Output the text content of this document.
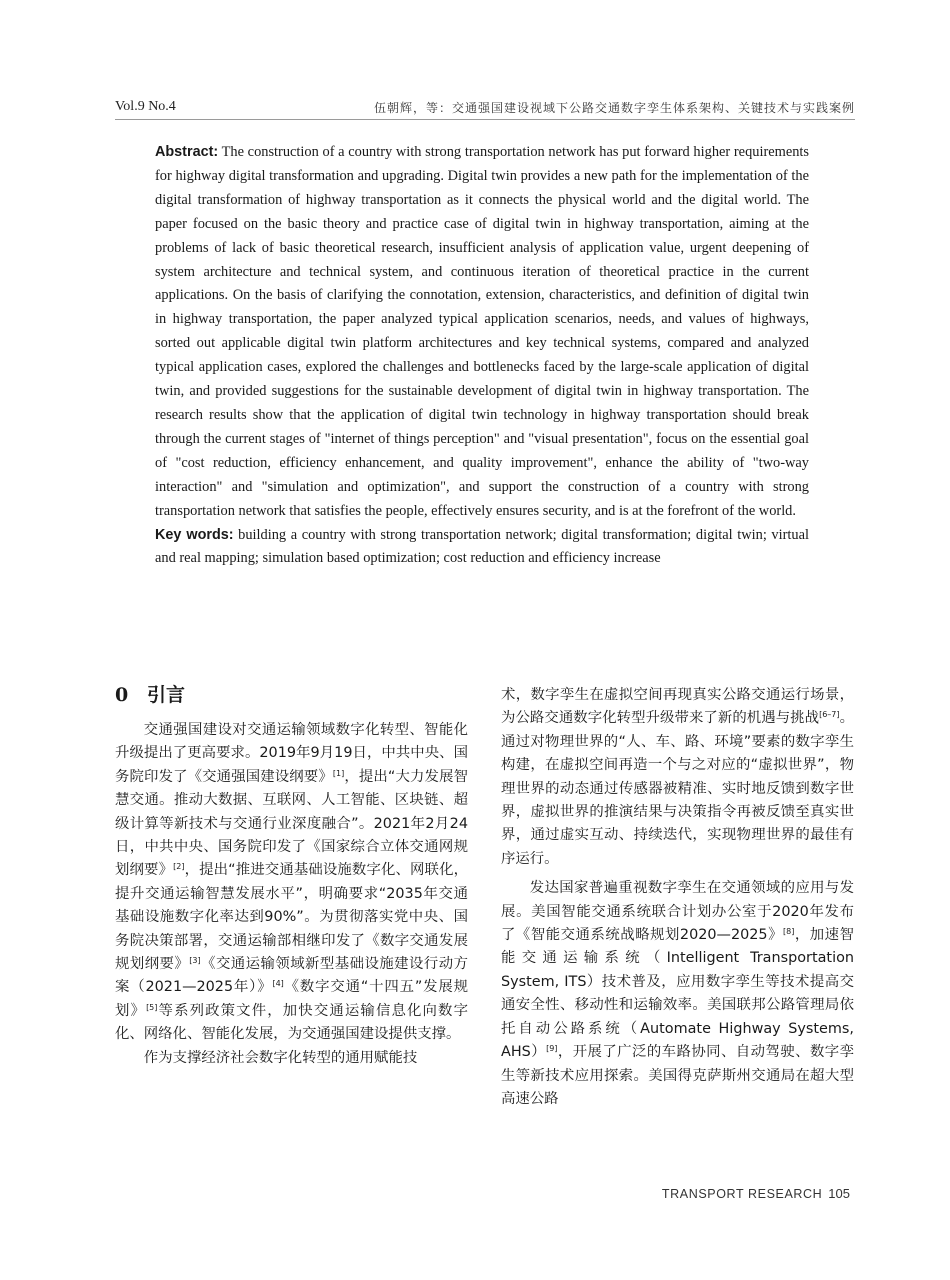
Vol.9 No.4	伍朝辉，等：交通强国建设视域下公路交通数字孪生体系架构、关键技术与实践案例

Abstract: The construction of a country with strong transportation network has put forward higher requirements for highway digital transformation and upgrading. Digital twin provides a new path for the implementation of the digital transformation of highway transportation as it connects the physical world and the digital world. The paper focused on the basic theory and practice case of digital twin in highway transportation, aiming at the problems of lack of basic theoretical research, insufficient analysis of application value, urgent deepening of system architecture and technical system, and continuous iteration of theoretical practice in the current applications. On the basis of clarifying the connotation, extension, characteristics, and definition of digital twin in highway transportation, the paper analyzed typical application scenarios, needs, and values of highways, sorted out applicable digital twin platform architectures and key technical systems, compared and analyzed typical application cases, explored the challenges and bottlenecks faced by the large-scale application of digital twin, and provided suggestions for the sustainable development of digital twin in highway transportation. The research results show that the application of digital twin technology in highway transportation should break through the current stages of "internet of things perception" and "visual presentation", focus on the essential goal of "cost reduction, efficiency enhancement, and quality improvement", enhance the ability of "two-way interaction" and "simulation and optimization", and support the construction of a country with strong transportation network that satisfies the people, effectively ensures security, and is at the forefront of the world.

Key words: building a country with strong transportation network; digital transformation; digital twin; virtual and real mapping; simulation based optimization; cost reduction and efficiency increase

0 引言

交通强国建设对交通运输领域数字化转型、智能化升级提出了更高要求。2019年9月19日，中共中央、国务院印发了《交通强国建设纲要》[1]，提出“大力发展智慧交通。推动大数据、互联网、人工智能、区块链、超级计算等新技术与交通行业深度融合”。2021年2月24日，中共中央、国务院印发了《国家综合立体交通网规划纲要》[2]，提出“推进交通基础设施数字化、网联化，提升交通运输智慧发展水平”，明确要求“2035年交通基础设施数字化率达到90%”。为贯彻落实党中央、国务院决策部署，交通运输部相继印发了《数字交通发展规划纲要》[3]《交通运输领域新型基础设施建设行动方案（2021—2025年）》[4]《数字交通“十四五”发展规划》[5]等系列政策文件，加快交通运输信息化向数字化、网络化、智能化发展，为交通强国建设提供支撑。

作为支撑经济社会数字化转型的通用赋能技

术，数字孪生在虚拟空间再现真实公路交通运行场景，为公路交通数字化转型升级带来了新的机遇与挑战[6–7]。通过对物理世界的“人、车、路、环境”要素的数字孪生构建，在虚拟空间再造一个与之对应的“虚拟世界”，物理世界的动态通过传感器被精准、实时地反馈到数字世界，虚拟世界的推演结果与决策指令再被反馈至真实世界，通过虚实互动、持续迭代，实现物理世界的最佳有序运行。

发达国家普遍重视数字孪生在交通领域的应用与发展。美国智能交通系统联合计划办公室于2020年发布了《智能交通系统战略规划2020—2025》[8]，加速智能交通运输系统（Intelligent Transportation System, ITS）技术普及，应用数字孪生等技术提高交通安全性、移动性和运输效率。美国联邦公路管理局依托自动公路系统（Automate Highway Systems, AHS）[9]，开展了广泛的车路协同、自动驾驶、数字孪生等新技术应用探索。美国得克萨斯州交通局在超大型高速公路

TRANSPORT RESEARCH 105
